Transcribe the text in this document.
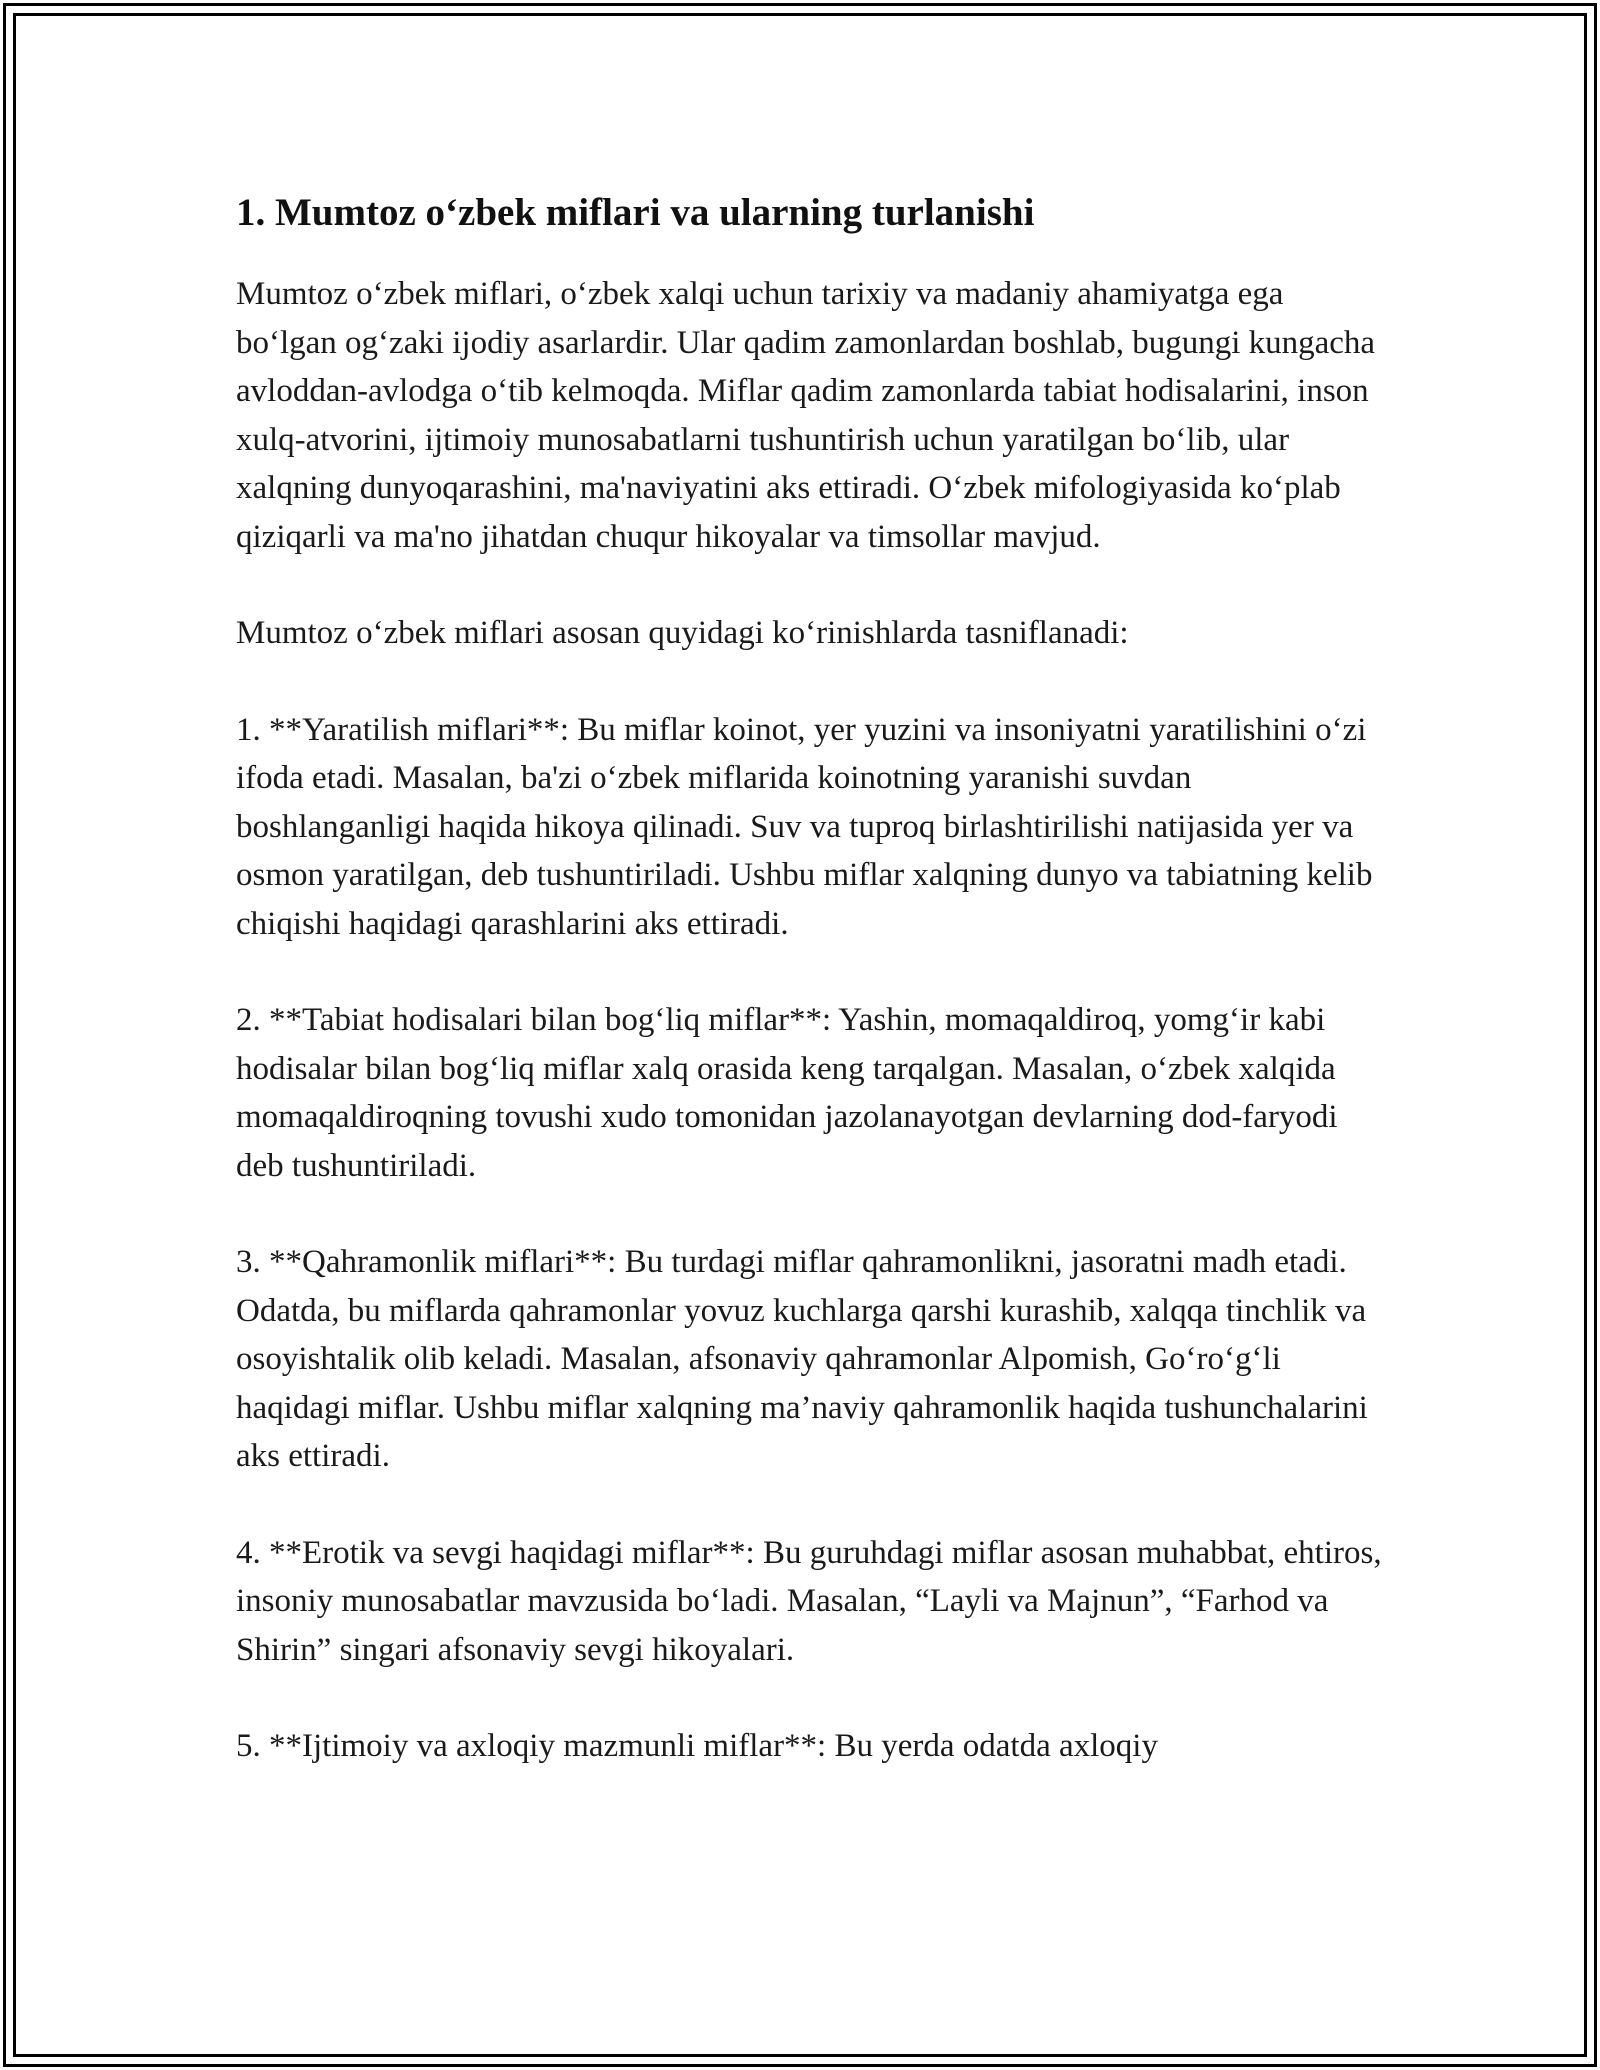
1. Mumtoz o‘zbek miflari va ularning turlanishi

Mumtoz o‘zbek miflari, o‘zbek xalqi uchun tarixiy va madaniy ahamiyatga ega bo‘lgan og‘zaki ijodiy asarlardir. Ular qadim zamonlardan boshlab, bugungi kungacha avloddan-avlodga o‘tib kelmoqda. Miflar qadim zamonlarda tabiat hodisalarini, inson xulq-atvorini, ijtimoiy munosabatlarni tushuntirish uchun yaratilgan bo‘lib, ular xalqning dunyoqarashini, ma'naviyatini aks ettiradi. O‘zbek mifologiyasida ko‘plab qiziqarli va ma'no jihatdan chuqur hikoyalar va timsollar mavjud.

Mumtoz o‘zbek miflari asosan quyidagi ko‘rinishlarda tasniflanadi:

1. **Yaratilish miflari**: Bu miflar koinot, yer yuzini va insoniyatni yaratilishini o‘zi ifoda etadi. Masalan, ba'zi o‘zbek miflarida koinotning yaranishi suvdan boshlanganligi haqida hikoya qilinadi. Suv va tuproq birlashtirilishi natijasida yer va osmon yaratilgan, deb tushuntiriladi. Ushbu miflar xalqning dunyo va tabiatning kelib chiqishi haqidagi qarashlarini aks ettiradi.
2. **Tabiat hodisalari bilan bog‘liq miflar**: Yashin, momaqaldiroq, yomg‘ir kabi hodisalar bilan bog‘liq miflar xalq orasida keng tarqalgan. Masalan, o‘zbek xalqida momaqaldiroqning tovushi xudo tomonidan jazolanayotgan devlarning dod-faryodi deb tushuntiriladi.
3. **Qahramonlik miflari**: Bu turdagi miflar qahramonlikni, jasoratni madh etadi. Odatda, bu miflarda qahramonlar yovuz kuchlarga qarshi kurashib, xalqqa tinchlik va osoyishtalik olib keladi. Masalan, afsonaviy qahramonlar Alpomish, Go‘ro‘g‘li haqidagi miflar. Ushbu miflar xalqning ma’naviy qahramonlik haqida tushunchalarini aks ettiradi.
4. **Erotik va sevgi haqidagi miflar**: Bu guruhdagi miflar asosan muhabbat, ehtiros, insoniy munosabatlar mavzusida bo‘ladi. Masalan, “Layli va Majnun”, “Farhod va Shirin” singari afsonaviy sevgi hikoyalari.
5. **Ijtimoiy va axloqiy mazmunli miflar**: Bu yerda odatda axloqiy
